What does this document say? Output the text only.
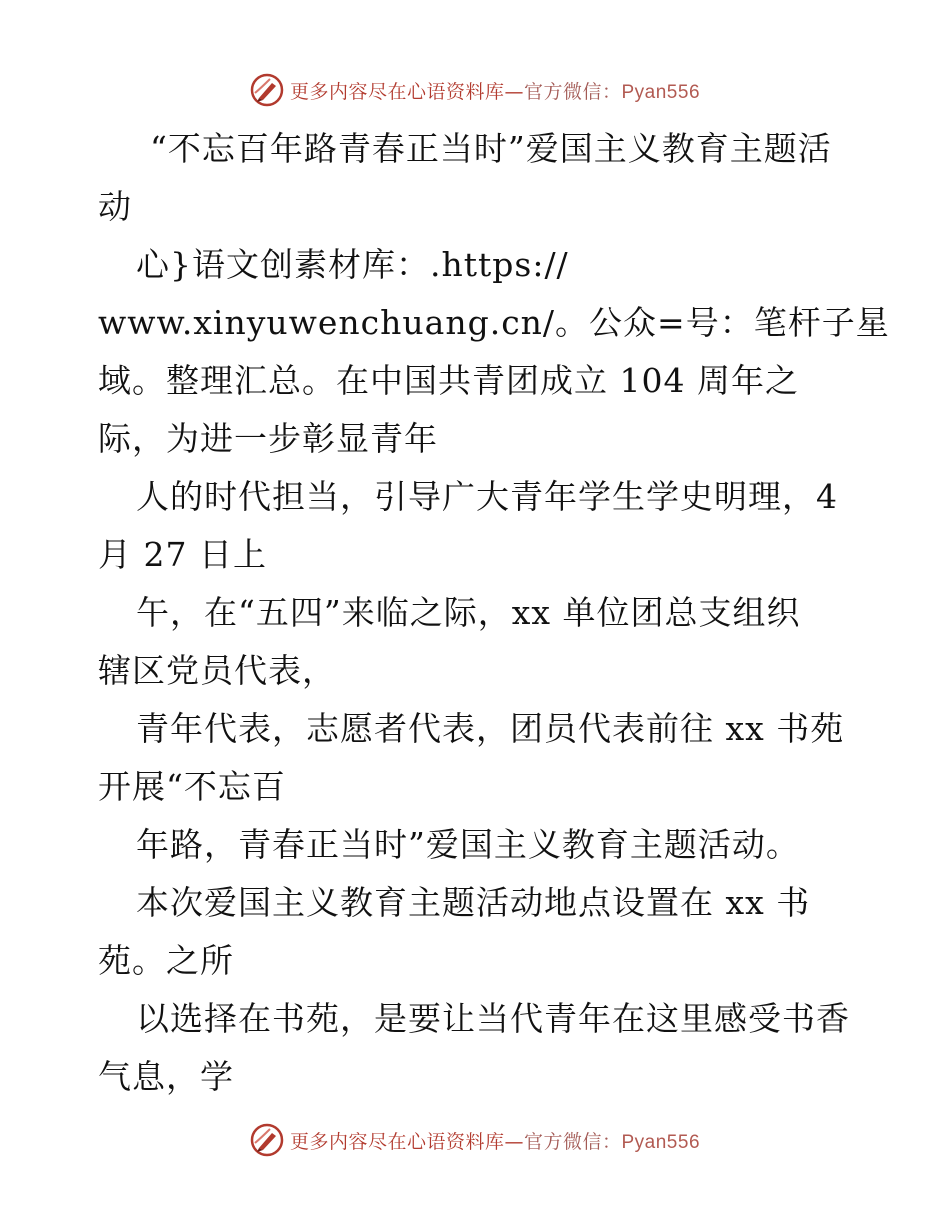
更多内容尽在心语资料库—官方微信：Pyan556
“不忘百年路青春正当时”爱国主义教育主题活
动
心}语文创素材库：.https://
www.xinyuwenchuang.cn/。公众=号：笔杆子星
域。整理汇总。在中国共青团成立 104 周年之
际，为进一步彰显青年
人的时代担当，引导广大青年学生学史明理，4
月 27 日上
午，在“五四”来临之际，xx 单位团总支组织
辖区党员代表，
青年代表，志愿者代表，团员代表前往 xx 书苑
开展“不忘百
年路，青春正当时”爱国主义教育主题活动。
本次爱国主义教育主题活动地点设置在 xx 书
苑。之所
以选择在书苑，是要让当代青年在这里感受书香
气息，学
更多内容尽在心语资料库—官方微信：Pyan556
